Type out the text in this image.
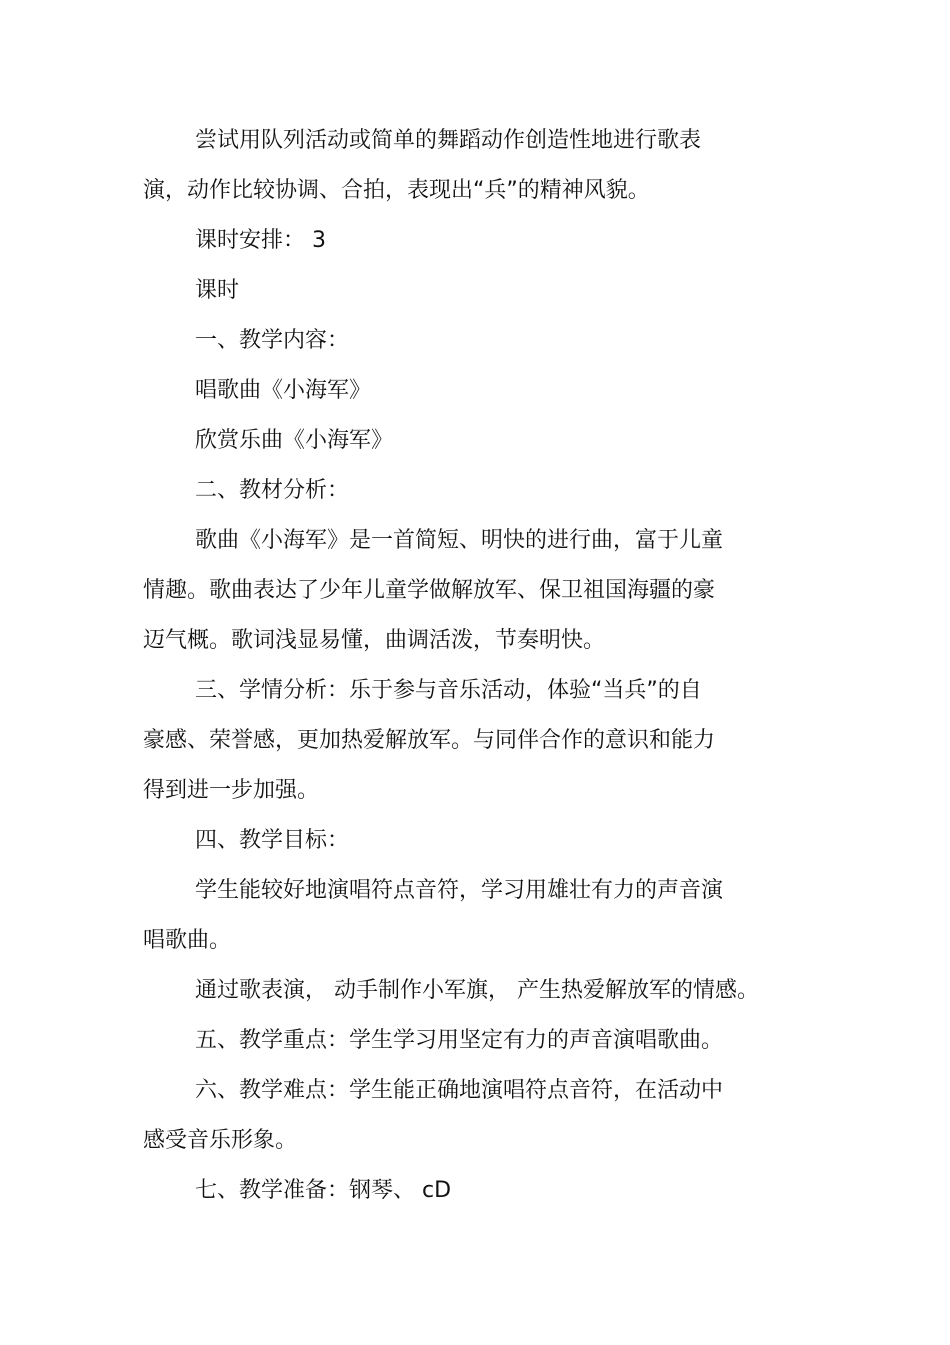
尝试用队列活动或简单的舞蹈动作创造性地进行歌表
演，动作比较协调、合拍，表现出“兵”的精神风貌。
课时安排： 3
课时
一、教学内容：
唱歌曲《小海军》
欣赏乐曲《小海军》
二、教材分析：
歌曲《小海军》是一首简短、明快的进行曲，富于儿童
情趣。歌曲表达了少年儿童学做解放军、保卫祖国海疆的豪
迈气概。歌词浅显易懂，曲调活泼，节奏明快。
三、学情分析：乐于参与音乐活动，体验“当兵”的自
豪感、荣誉感，更加热爱解放军。与同伴合作的意识和能力
得到进一步加强。
四、教学目标：
学生能较好地演唱符点音符，学习用雄壮有力的声音演
唱歌曲。
通过歌表演， 动手制作小军旗， 产生热爱解放军的情感。
五、教学重点：学生学习用坚定有力的声音演唱歌曲。
六、教学难点：学生能正确地演唱符点音符，在活动中
感受音乐形象。
七、教学准备：钢琴、 cD
